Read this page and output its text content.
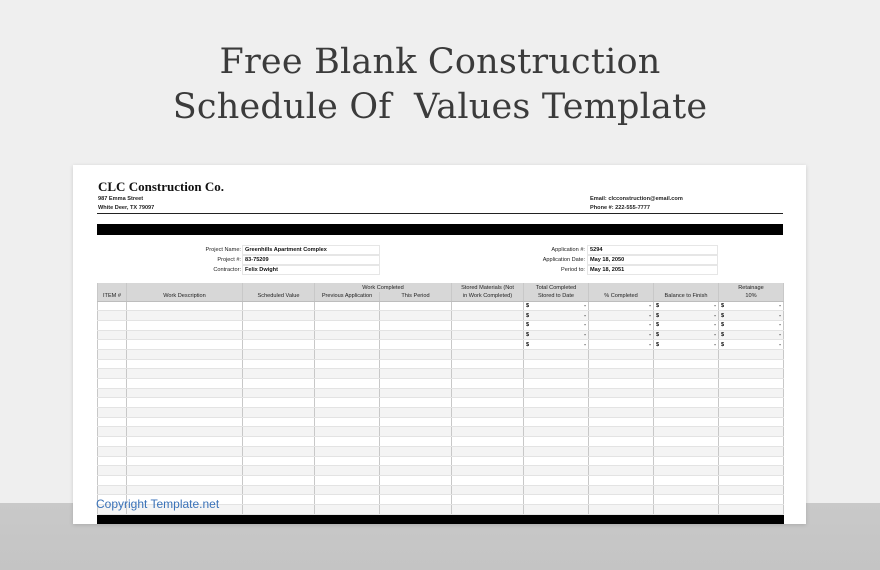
Free Blank Construction
Schedule Of  Values Template
CLC Construction Co.
987 Emma Street
White Deer, TX 79097
Email: clcconstruction@email.com
Phone #: 222-555-7777
Project Name: Greenhills Apartment Complex
Project #: 83-75209
Contractor: Felix Dwight
Application #: 5294
Application Date: May 18, 2050
Period to: May 18, 2051
			Work Completed		Stored Materials (Not	Total Completed			Retainage
ITEM #	Work Description	Scheduled Value	Previous Application	This Period	in Work Completed)	Stored to Date	% Completed	Balance to Finish	10%

						$ -	-	$ -	$ -

						$ -	-	$ -	$ -

						$ -	-	$ -	$ -

						$ -	-	$ -	$ -

						$ -	-	$ -	$ -

Copyright Template.net
